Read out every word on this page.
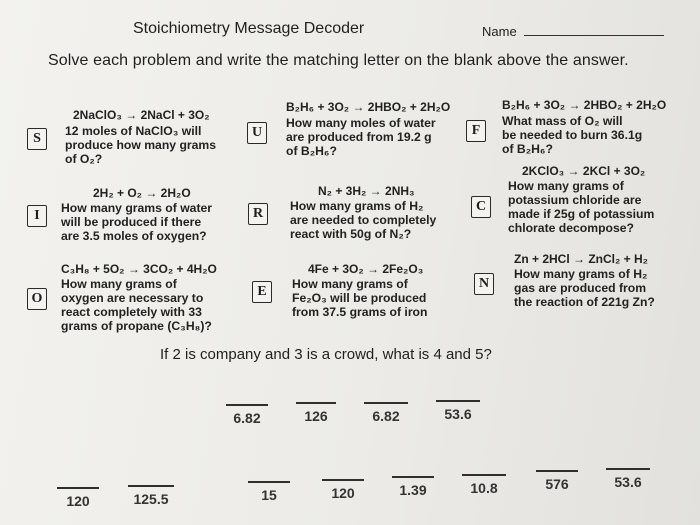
Stoichiometry Message Decoder	Name
Solve each problem and write the matching letter on the blank above the answer.
S
2NaClO₃ → 2NaCl + 3O₂
12 moles of NaClO₃ will
produce how many grams
of O₂?
U
B₂H₆ + 3O₂ → 2HBO₂ + 2H₂O
How many moles of water
are produced from 19.2 g
of B₂H₆?
F
B₂H₆ + 3O₂ → 2HBO₂ + 2H₂O
What mass of O₂ will
be needed to burn 36.1g
of B₂H₆?
I
2H₂ + O₂ → 2H₂O
How many grams of water
will be produced if there
are 3.5 moles of oxygen?
R
N₂ + 3H₂ → 2NH₃
How many grams of H₂
are needed to completely
react with 50g of N₂?
C
2KClO₃ → 2KCl + 3O₂
How many grams of
potassium chloride are
made if 25g of potassium
chlorate decompose?
O
C₃H₈ + 5O₂ → 3CO₂ + 4H₂O
How many grams of
oxygen are necessary to
react completely with 33
grams of propane (C₃H₈)?
E
4Fe + 3O₂ → 2Fe₂O₃
How many grams of
Fe₂O₃ will be produced
from 37.5 grams of iron
N
Zn + 2HCl → ZnCl₂ + H₂
How many grams of H₂
gas are produced from
the reaction of 221g Zn?
If 2 is company and 3 is a crowd, what is 4 and 5?
6.82	126	6.82	53.6
120	125.5	15	120	1.39	10.8	576	53.6
